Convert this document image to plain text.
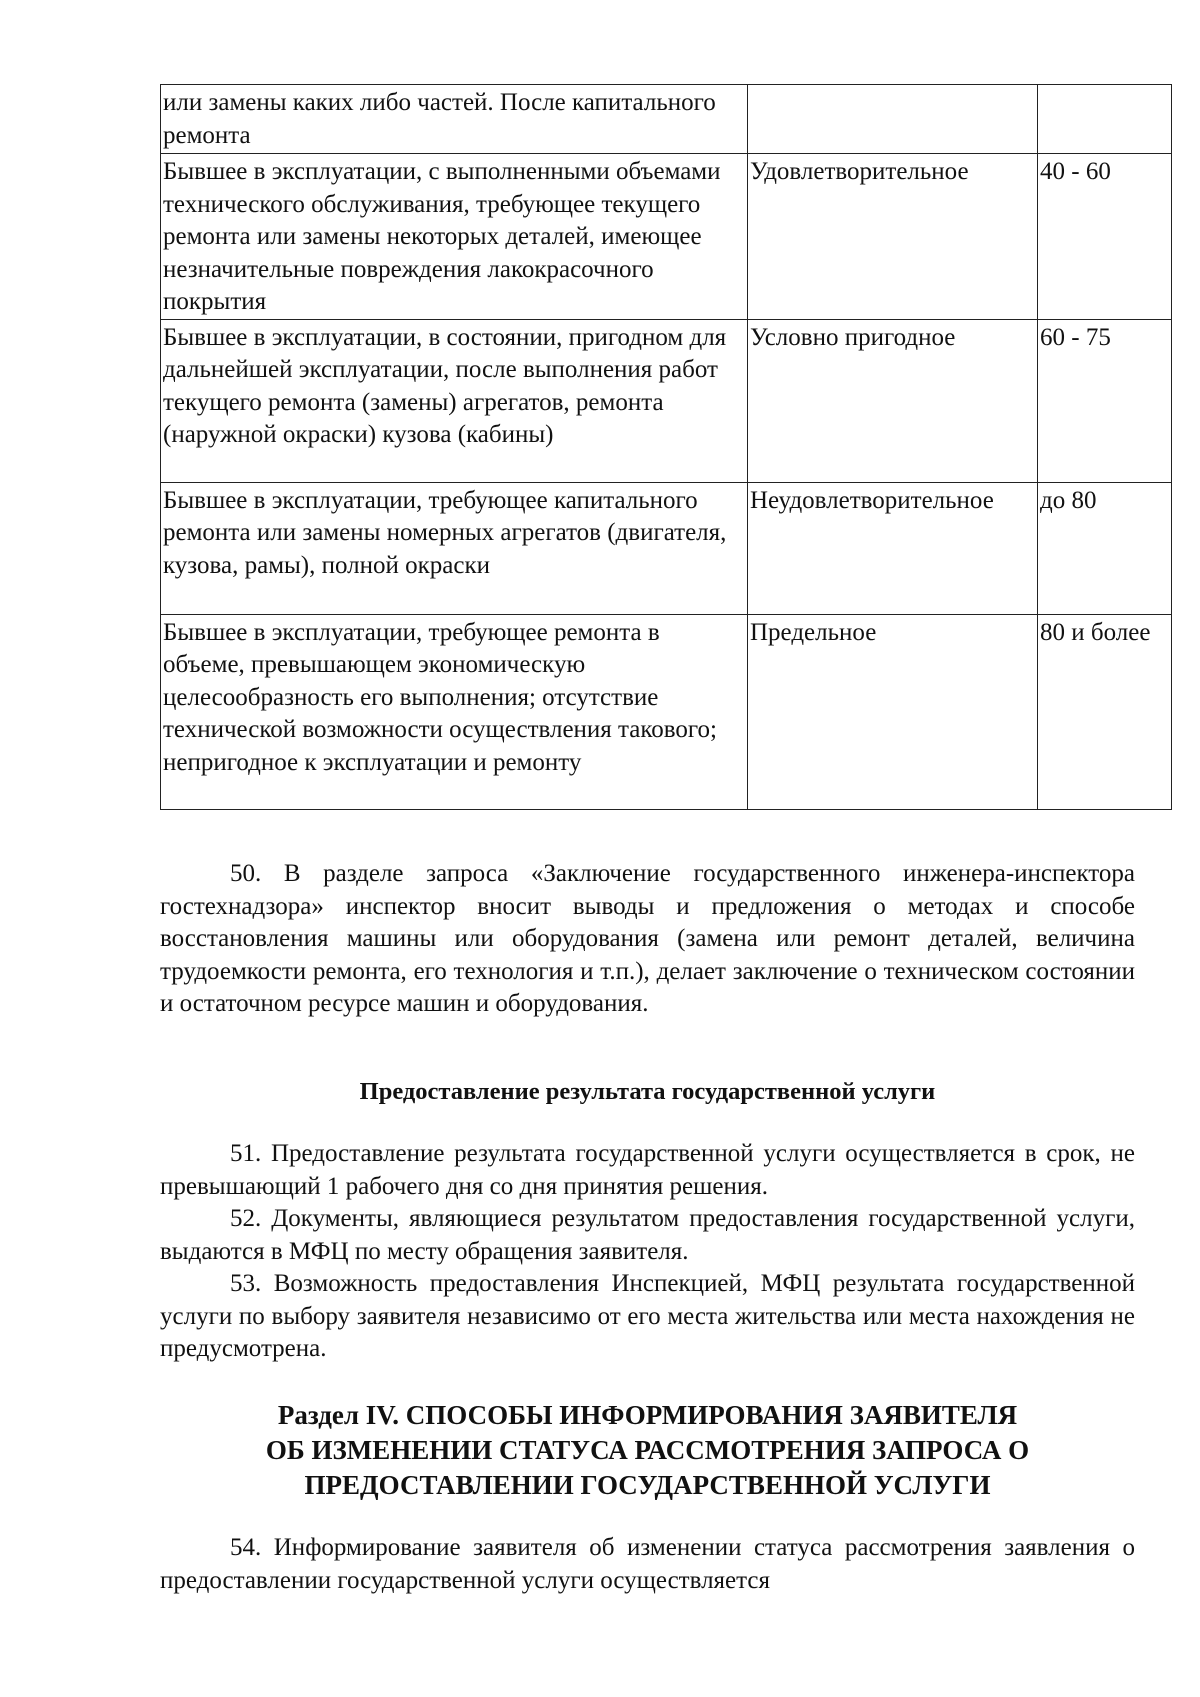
или замены каких либо частей. После капитального ремонта		
Бывшее в эксплуатации, с выполненными объемами технического обслуживания, требующее текущего ремонта или замены некоторых деталей, имеющее незначительные повреждения лакокрасочного покрытия	Удовлетворительное	40 - 60
Бывшее в эксплуатации, в состоянии, пригодном для дальнейшей эксплуатации, после выполнения работ текущего ремонта (замены) агрегатов, ремонта (наружной окраски) кузова (кабины)	Условно пригодное	60 - 75
Бывшее в эксплуатации, требующее капитального ремонта или замены номерных агрегатов (двигателя, кузова, рамы), полной окраски	Неудовлетворительное	до 80
Бывшее в эксплуатации, требующее ремонта в объеме, превышающем экономическую целесообразность его выполнения; отсутствие технической возможности осуществления такового; непригодное к эксплуатации и ремонту	Предельное	80 и более

50. В разделе запроса «Заключение государственного инженера-инспектора гостехнадзора» инспектор вносит выводы и предложения о методах и способе восстановления машины или оборудования (замена или ремонт деталей, величина трудоемкости ремонта, его технология и т.п.), делает заключение о техническом состоянии и остаточном ресурсе машин и оборудования.

Предоставление результата государственной услуги

51. Предоставление результата государственной услуги осуществляется в срок, не превышающий 1 рабочего дня со дня принятия решения.

52. Документы, являющиеся результатом предоставления государственной услуги, выдаются в МФЦ по месту обращения заявителя.

53. Возможность предоставления Инспекцией, МФЦ результата государственной услуги по выбору заявителя независимо от его места жительства или места нахождения не предусмотрена.

Раздел IV. СПОСОБЫ ИНФОРМИРОВАНИЯ ЗАЯВИТЕЛЯ
ОБ ИЗМЕНЕНИИ СТАТУСА РАССМОТРЕНИЯ ЗАПРОСА О
ПРЕДОСТАВЛЕНИИ ГОСУДАРСТВЕННОЙ УСЛУГИ

54. Информирование заявителя об изменении статуса рассмотрения заявления о предоставлении государственной услуги осуществляется
